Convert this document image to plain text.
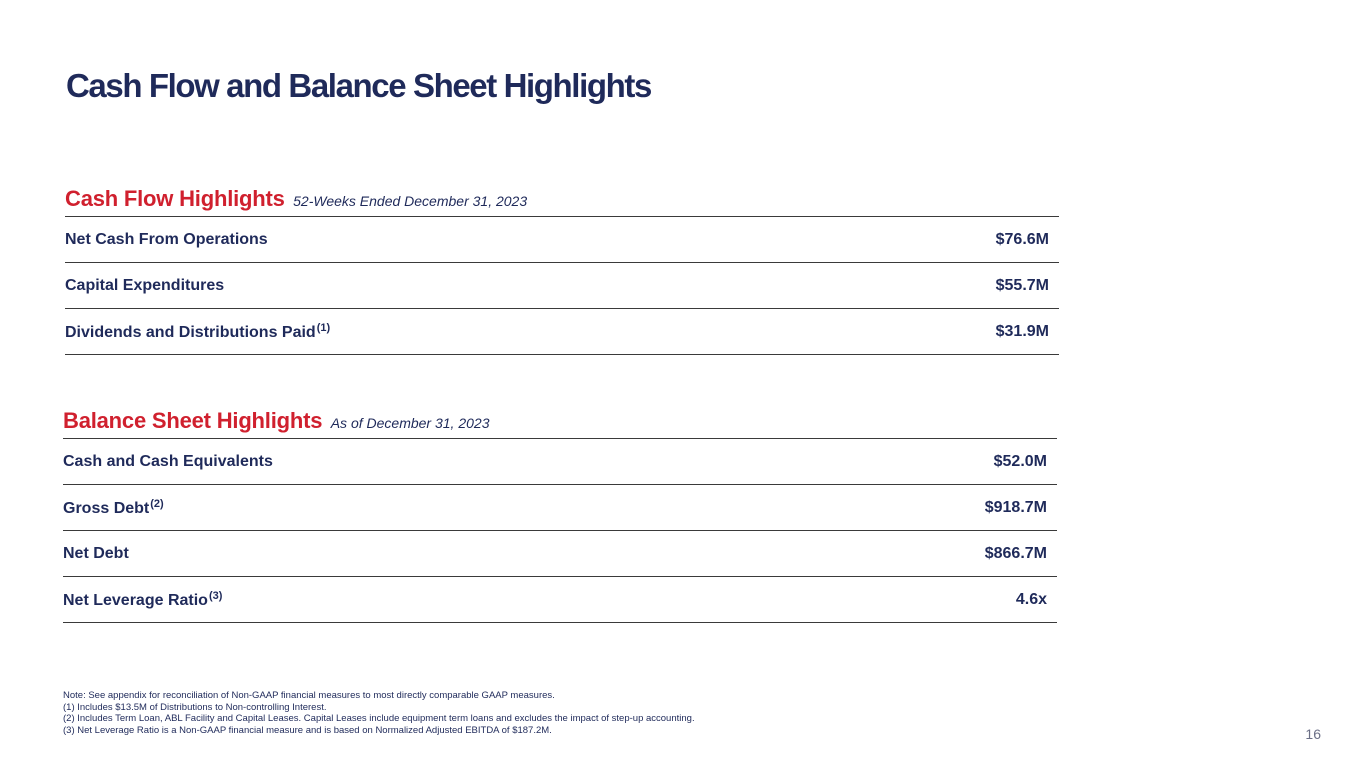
Cash Flow and Balance Sheet Highlights
Cash Flow Highlights 52-Weeks Ended December 31, 2023
Net Cash From Operations	$76.6M
Capital Expenditures	$55.7M
Dividends and Distributions Paid$^{(1)}$	$31.9M
Balance Sheet Highlights As of December 31, 2023
Cash and Cash Equivalents	$52.0M
Gross Debt$^{(2)}$	$918.7M
Net Debt	$866.7M
Net Leverage Ratio$^{(3)}$	4.6x
Note: See appendix for reconciliation of Non-GAAP financial measures to most directly comparable GAAP measures.
(1) Includes $13.5M of Distributions to Non-controlling Interest.
(2) Includes Term Loan, ABL Facility and Capital Leases. Capital Leases include equipment term loans and excludes the impact of step-up accounting.
(3) Net Leverage Ratio is a Non-GAAP financial measure and is based on Normalized Adjusted EBITDA of $187.2M.	16
